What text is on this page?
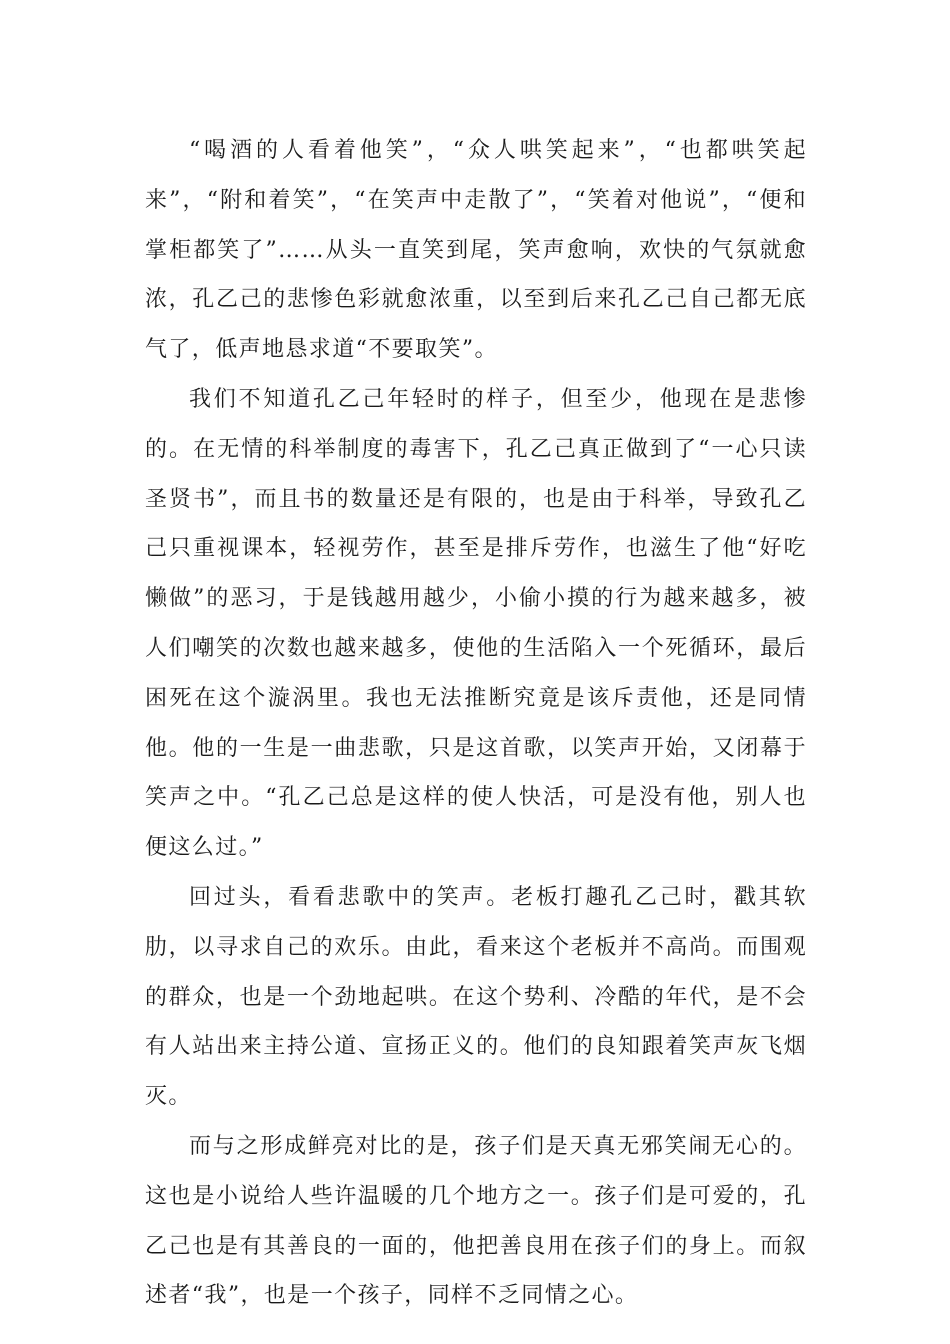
“喝酒的人看着他笑”，“众人哄笑起来”，“也都哄笑起来”，“附和着笑”，“在笑声中走散了”，“笑着对他说”，“便和掌柜都笑了”……从头一直笑到尾，笑声愈响，欢快的气氛就愈浓，孔乙己的悲惨色彩就愈浓重，以至到后来孔乙己自己都无底气了，低声地恳求道“不要取笑”。

我们不知道孔乙己年轻时的样子，但至少，他现在是悲惨的。在无情的科举制度的毒害下，孔乙己真正做到了“一心只读圣贤书”，而且书的数量还是有限的，也是由于科举，导致孔乙己只重视课本，轻视劳作，甚至是排斥劳作，也滋生了他“好吃懒做”的恶习，于是钱越用越少，小偷小摸的行为越来越多，被人们嘲笑的次数也越来越多，使他的生活陷入一个死循环，最后困死在这个漩涡里。我也无法推断究竟是该斥责他，还是同情他。他的一生是一曲悲歌，只是这首歌，以笑声开始，又闭幕于笑声之中。“孔乙己总是这样的使人快活，可是没有他，别人也便这么过。”

回过头，看看悲歌中的笑声。老板打趣孔乙己时，戳其软肋，以寻求自己的欢乐。由此，看来这个老板并不高尚。而围观的群众，也是一个劲地起哄。在这个势利、冷酷的年代，是不会有人站出来主持公道、宣扬正义的。他们的良知跟着笑声灰飞烟灭。

而与之形成鲜亮对比的是，孩子们是天真无邪笑闹无心的。这也是小说给人些许温暖的几个地方之一。孩子们是可爱的，孔乙己也是有其善良的一面的，他把善良用在孩子们的身上。而叙述者“我”，也是一个孩子，同样不乏同情之心。
